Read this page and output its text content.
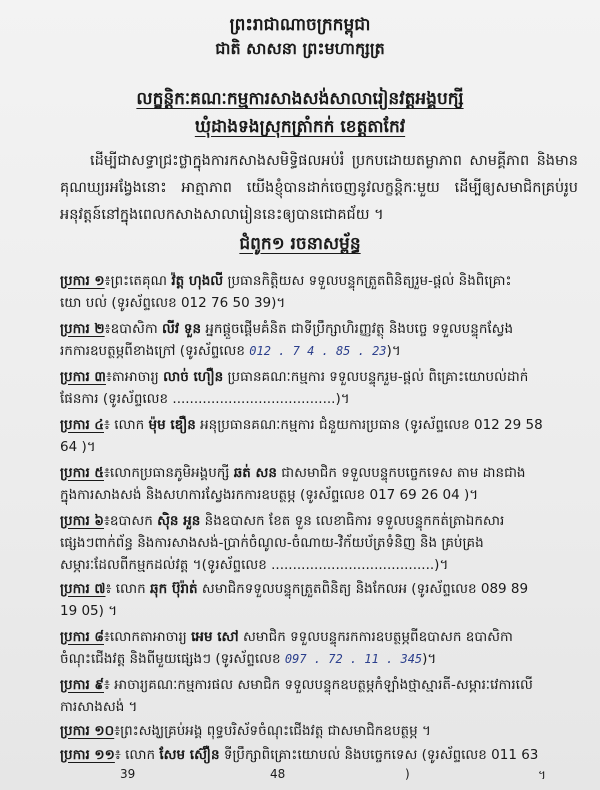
ព្រះរាជាណាចក្រកម្ពុជា
ជាតិ សាសនា ព្រះមហាក្សត្រ
លក្ខន្តិកៈគណៈកម្មការសាងសង់សាលារៀនវត្តអង្គបក្សី
ឃុំដាងទងស្រុកត្រាំកក់ ខេត្តតាកែវ

ដើម្បីជាសទ្ធាជ្រះថ្លាក្នុងការកសាងសមិទ្ធិផលអប់រំ ប្រកបដោយតម្លាភាព សាមគ្គីភាព និងមានគុណឃ្យរអង្វែងនោះ អាត្មាភាព យើងខ្ញុំបានដាក់ចេញនូវលក្ខន្តិកៈមួយ ដើម្បីឲ្យសមាជិកគ្រប់រូបអនុវត្តន៍នៅក្នុងពេលកសាងសាលារៀននេះឲ្យបានជោគជ័យ ។

ជំពូក១ រចនាសម្ព័ន្ធ

ប្រការ ១៖ព្រះតេគុណ វ៉ត្ត ហុងលី ប្រធានកិត្តិយស ទទួលបន្ទុកត្រួតពិនិត្យរួម-ផ្តល់ និងពិគ្រោះ

យោ បល់ (ទូរស័ព្ទលេខ 012 76 50 39)។

ប្រការ ២៖ឧបាសិកា លីវ ទួន អ្នកផ្តួចផ្តើមគំនិត ជាទីប្រឹក្សាហិរញ្ញវត្ថុ និងបច្ចេ ទទួលបន្ទុកស្វែង

រកការឧបត្ថម្ភពីខាងក្រៅ (ទូរស័ព្ទលេខ 012 . 7 4 . 85 . 23)។

ប្រការ ៣៖តាអាចារ្យ លាច់ ហឿន ប្រធានគណៈកម្មការ ទទួលបន្ទុករួម-ផ្តល់ ពិគ្រោះយោបល់ដាក់

ផែនការ (ទូរស័ព្ទលេខ ......................................)។

ប្រការ ៤៖ លោក ម៉ុម ឌឿន អនុប្រធានគណៈកម្មការ ជំនួយការប្រធាន (ទូរស័ព្ទលេខ 012 29 58

64 )។

ប្រការ ៥៖លោកប្រធានភូមិអង្គបក្សី ឆត់ សន ជាសមាជិក ទទួលបន្ទុកបច្ចេកទេស តាម ដានជាង

ក្នុងការសាងសង់ និងសហការស្វែងរកការឧបត្ថម្ភ (ទូរស័ព្ទលេខ 017 69 26 04 )។

ប្រការ ៦៖ឧបាសក ស៊ិន អួន និងឧបាសក ខែត ទួន លេខាធិការ ទទួលបន្ទុកកត់ត្រាឯកសារ

ផ្សេងៗពាក់ព័ន្ធ និងការសាងសង់-ប្រាក់ចំណូល-ចំណាយ-វិក័យប័ត្រទំនិញ និង គ្រប់គ្រង

សម្ភារៈដែលពីកម្មកដល់វត្ត ។(ទូរស័ព្ទលេខ ......................................)។

ប្រការ ៧៖ លោក ឆុក ប៊ុរ៉ាត់ សមាជិកទទួលបន្ទុកត្រួតពិនិត្យ និងកែលអ (ទូរស័ព្ទលេខ 089 89

19 05) ។

ប្រការ ៨៖លោកតាអាចារ្យ អេម សៅ សមាជិក ទទួលបន្ទុករកការឧបត្ថម្ភពីឧបាសក ឧបាសិកា

ចំណុះជើងវត្ត និងពីមួយផ្សេងៗ (ទូរស័ព្ទលេខ 097 . 72 . 11 . 345)។

ប្រការ ៩៖ អាចារ្យគណៈកម្មការផល សមាជិក ទទួលបន្ទុកឧបត្ថម្ភកំឡាំងថ្មាស្មារតី-សម្ភារៈវេការលើ

ការសាងសង់ ។

ប្រការ ១០៖ព្រះសង្ឃគ្រប់អង្គ ពុទ្ធបរិស័ទចំណុះជើងវត្ត ជាសមាជិកឧបត្ថម្ភ ។

ប្រការ ១១៖ លោក សែម ស៊ឿន ទីប្រឹក្សាពិគ្រោះយោបល់ និងបច្ចេកទេស (ទូរស័ព្ទលេខ 011 63

39	48	)	។
